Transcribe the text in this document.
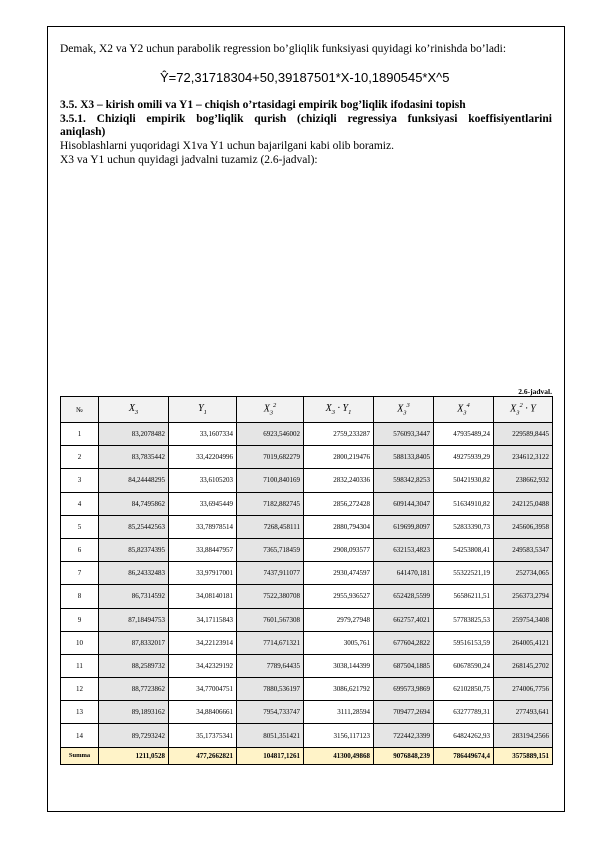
Demak, X2 va Y2 uchun parabolik regression bo’gliqlik funksiyasi quyidagi ko’rinishda bo’ladi:
Ŷ=72,31718304+50,39187501*X-10,1890545*X^5
3.5. X3 – kirish omili va Y1 – chiqish o’rtasidagi empirik bog’liqlik ifodasini topish
3.5.1. Chiziqli empirik bog’liqlik qurish (chiziqli regressiya funksiyasi koeffisiyentlarini
aniqlash)
Hisoblashlarni yuqoridagi X1va Y1 uchun bajarilgani kabi olib boramiz.
X3 va Y1 uchun quyidagi jadvalni tuzamiz (2.6-jadval):
2.6-jadval.
№	$X_3$	$Y_1$	$X_3^2$	$X_3 \cdot Y_1$	$X_3^3$	$X_3^4$	$X_3^2 \cdot Y$
1	83,2078482	33,1607334	6923,546002	2759,233287	576093,3447	47935489,24	229589,8445
2	83,7835442	33,42204996	7019,682279	2800,219476	588133,8405	49275939,29	234612,3122
3	84,24448295	33,6105203	7100,840169	2832,240336	598342,8253	50421930,82	238662,932
4	84,7495862	33,6945449	7182,882745	2856,272428	609144,3047	51634910,82	242125,0488
5	85,25442563	33,78978514	7268,458111	2880,794304	619699,8097	52833390,73	245606,3958
6	85,82374395	33,88447957	7365,718459	2908,093577	632153,4823	54253808,41	249583,5347
7	86,24332483	33,97917001	7437,911077	2930,474597	641470,181	55322521,19	252734,065
8	86,7314592	34,08140181	7522,380708	2955,936527	652428,5599	56586211,51	256373,2794
9	87,18494753	34,17115843	7601,567308	2979,27948	662757,4021	57783825,53	259754,3408
10	87,8332017	34,22123914	7714,671321	3005,761	677604,2822	59516153,59	264005,4121
11	88,2589732	34,42329192	7789,64435	3038,144399	687504,1885	60678590,24	268145,2702
12	88,7723862	34,77004751	7880,536197	3086,621792	699573,9869	62102850,75	274006,7756
13	89,1893162	34,88406661	7954,733747	3111,28594	709477,2694	63277789,31	277493,641
14	89,7293242	35,17375341	8051,351421	3156,117123	722442,3399	64824262,93	283194,2566
Summa	1211,0528	477,2662821	104817,1261	41300,49868	9076848,239	786449674,4	3575889,151
